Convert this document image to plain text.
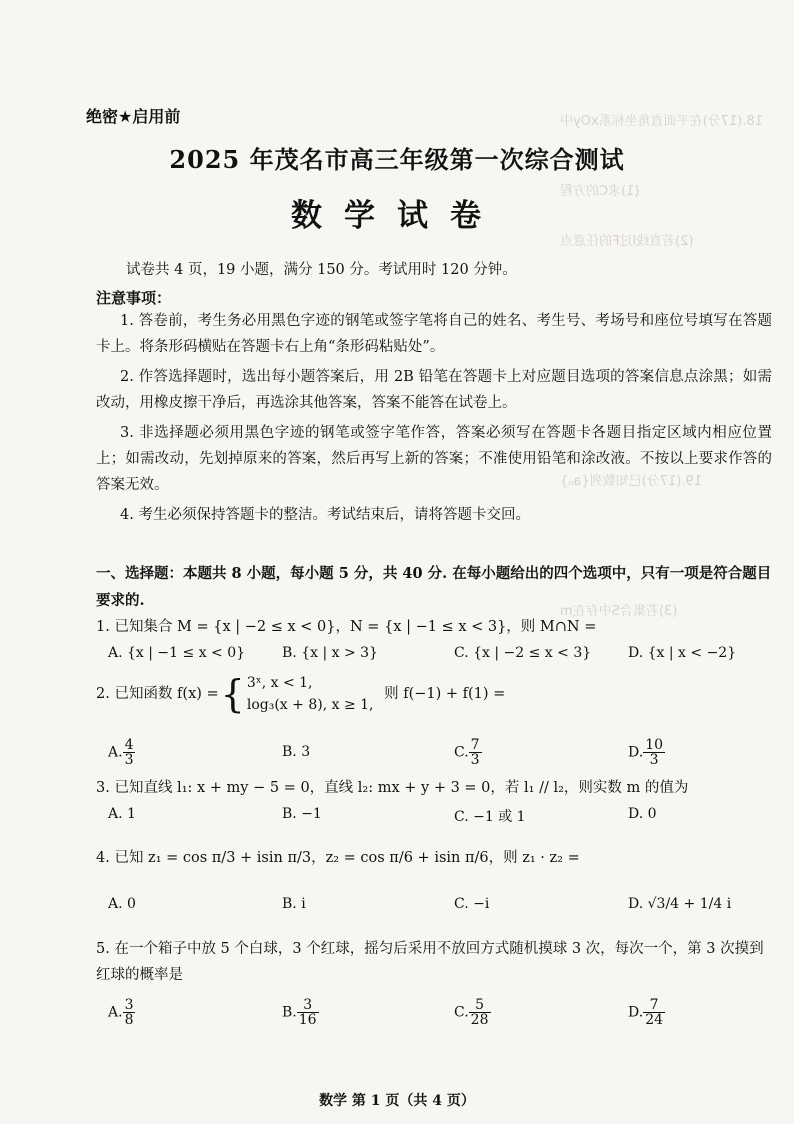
18.(17分)在平面直角坐标系xOy中
(1)求C的方程
(2)若直线l过F的任意点
19.(17分)已知数列{aₙ}
(3)若集合S中存在m
绝密★启用前
2025 年茂名市高三年级第一次综合测试
数学试卷
试卷共 4 页，19 小题，满分 150 分。考试用时 120 分钟。
注意事项：
1. 答卷前，考生务必用黑色字迹的钢笔或签字笔将自己的姓名、考生号、考场号和座位号填写在答题卡上。将条形码横贴在答题卡右上角“条形码粘贴处”。
2. 作答选择题时，选出每小题答案后，用 2B 铅笔在答题卡上对应题目选项的答案信息点涂黑；如需改动，用橡皮擦干净后，再选涂其他答案，答案不能答在试卷上。
3. 非选择题必须用黑色字迹的钢笔或签字笔作答，答案必须写在答题卡各题目指定区域内相应位置上；如需改动，先划掉原来的答案，然后再写上新的答案；不准使用铅笔和涂改液。不按以上要求作答的答案无效。
4. 考生必须保持答题卡的整洁。考试结束后，请将答题卡交回。
一、选择题：本题共 8 小题，每小题 5 分，共 40 分. 在每小题给出的四个选项中，只有一项是符合题目要求的.
1. 已知集合 M = {x | −2 ≤ x < 0}，N = {x | −1 ≤ x < 3}，则 M∩N =
A. {x | −1 ≤ x < 0}	B. {x | x > 3}	C. {x | −2 ≤ x < 3}	D. {x | x < −2}
2. 已知函数 f(x) ={ 3ˣ, x < 1,
log₃(x + 8), x ≥ 1, 则 f(−1) + f(1) =
A. $\frac{4}{3}$	B. 3	C. $\frac{7}{3}$	D. $\frac{10}{3}$
3. 已知直线 l₁: x + my − 5 = 0，直线 l₂: mx + y + 3 = 0，若 l₁ // l₂，则实数 m 的值为
A. 1	B. −1	C. −1 或 1	D. 0
4. 已知 z₁ = cos π/3 + isin π/3，z₂ = cos π/6 + isin π/6，则 z₁ · z₂ =
A. 0	B. i	C. −i	D. √3/4 + 1/4 i
5. 在一个箱子中放 5 个白球，3 个红球，摇匀后采用不放回方式随机摸球 3 次，每次一个，第 3 次摸到红球的概率是
A. $\frac{3}{8}$	B. $\frac{3}{16}$	C. $\frac{5}{28}$	D. $\frac{7}{24}$
数学 第 1 页（共 4 页）
